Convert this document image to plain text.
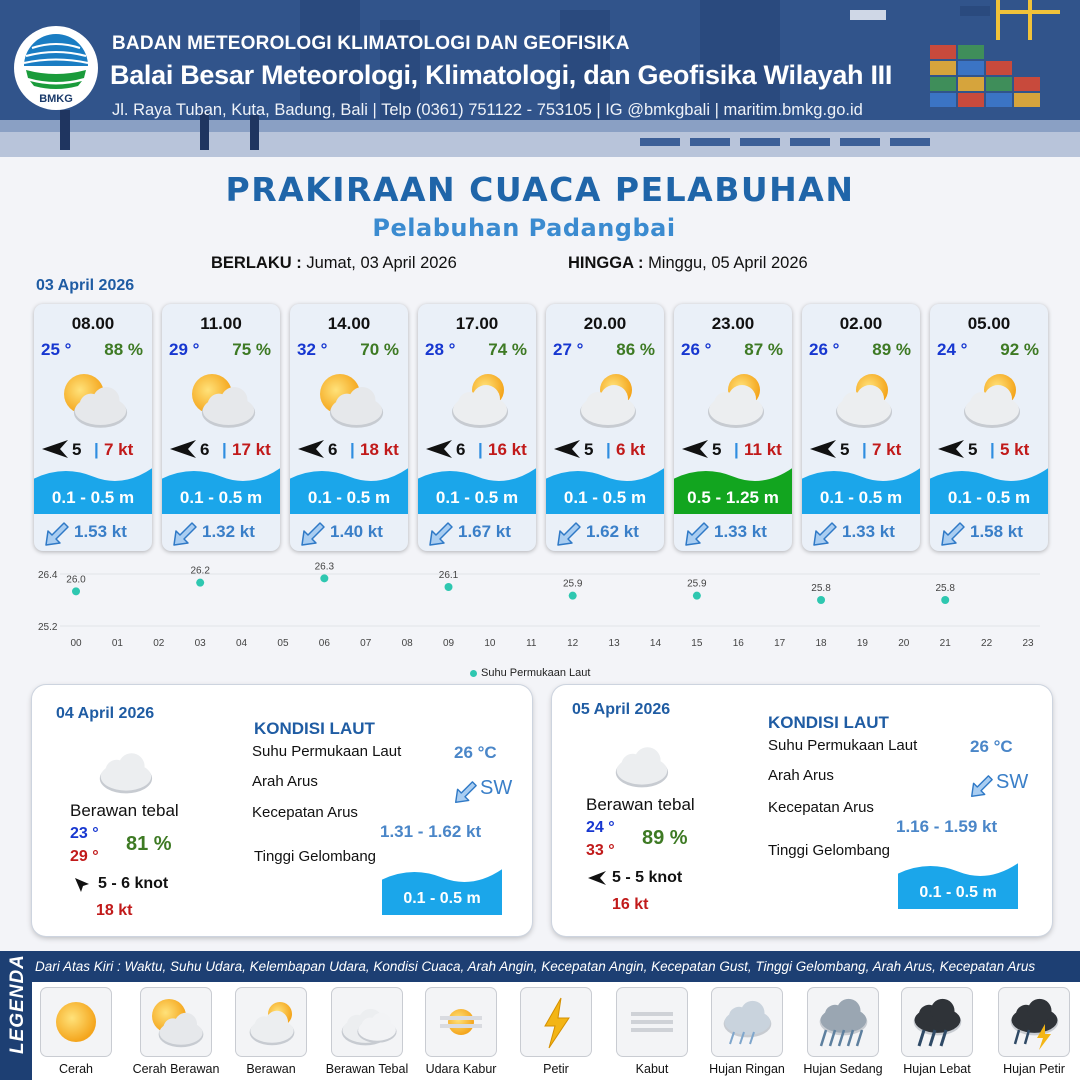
BMKG
BADAN METEOROLOGI KLIMATOLOGI DAN GEOFISIKA
Balai Besar Meteorologi, Klimatologi, dan Geofisika Wilayah III
Jl. Raya Tuban, Kuta, Badung, Bali | Telp (0361) 751122 - 753105 | IG @bmkgbali | maritim.bmkg.go.id
PRAKIRAAN CUACA PELABUHAN
Pelabuhan Padangbai
BERLAKU : Jumat, 03 April 2026	HINGGA : Minggu, 05 April 2026
03 April 2026
08.00
25 ° 88 %
5 | 7 kt
0.1 - 0.5 m
1.53 kt
11.00
29 ° 75 %
6 | 17 kt
0.1 - 0.5 m
1.32 kt
14.00
32 ° 70 %
6 | 18 kt
0.1 - 0.5 m
1.40 kt
17.00
28 ° 74 %
6 | 16 kt
0.1 - 0.5 m
1.67 kt
20.00
27 ° 86 %
5 | 6 kt
0.1 - 0.5 m
1.62 kt
23.00
26 ° 87 %
5 | 11 kt
0.5 - 1.25 m
1.33 kt
02.00
26 ° 89 %
5 | 7 kt
0.1 - 0.5 m
1.33 kt
05.00
24 ° 92 %
5 | 5 kt
0.1 - 0.5 m
1.58 kt
26.4
25.2
00	01	02	03	04	05	06	07	08	09	10	11	12	13	14	15	16	17	18	19	20	21	22	23
26.0
26.2	26.3
26.1
25.9	25.9	25.8	25.8
Suhu Permukaan Laut
04 April 2026
Berawan tebal
23 °
29 °
81 %
5 - 6 knot
18 kt
KONDISI LAUT
Suhu Permukaan Laut	26 °C
Arah Arus	SW
Kecepatan Arus
1.31 - 1.62 kt
Tinggi Gelombang
0.1 - 0.5 m
05 April 2026
Berawan tebal
24 °
33 °
89 %
5 - 5 knot
16 kt
KONDISI LAUT
Suhu Permukaan Laut	26 °C
Arah Arus	SW
Kecepatan Arus
1.16 - 1.59 kt
Tinggi Gelombang
0.1 - 0.5 m
LEGENDA Dari Atas Kiri : Waktu, Suhu Udara, Kelembapan Udara, Kondisi Cuaca, Arah Angin, Kecepatan Angin, Kecepatan Gust, Tinggi Gelombang, Arah Arus, Kecepatan Arus
Cerah	Cerah Berawan	Berawan	Berawan Tebal	Udara Kabur	Petir	Kabut	Hujan Ringan	Hujan Sedang	Hujan Lebat	Hujan Petir
